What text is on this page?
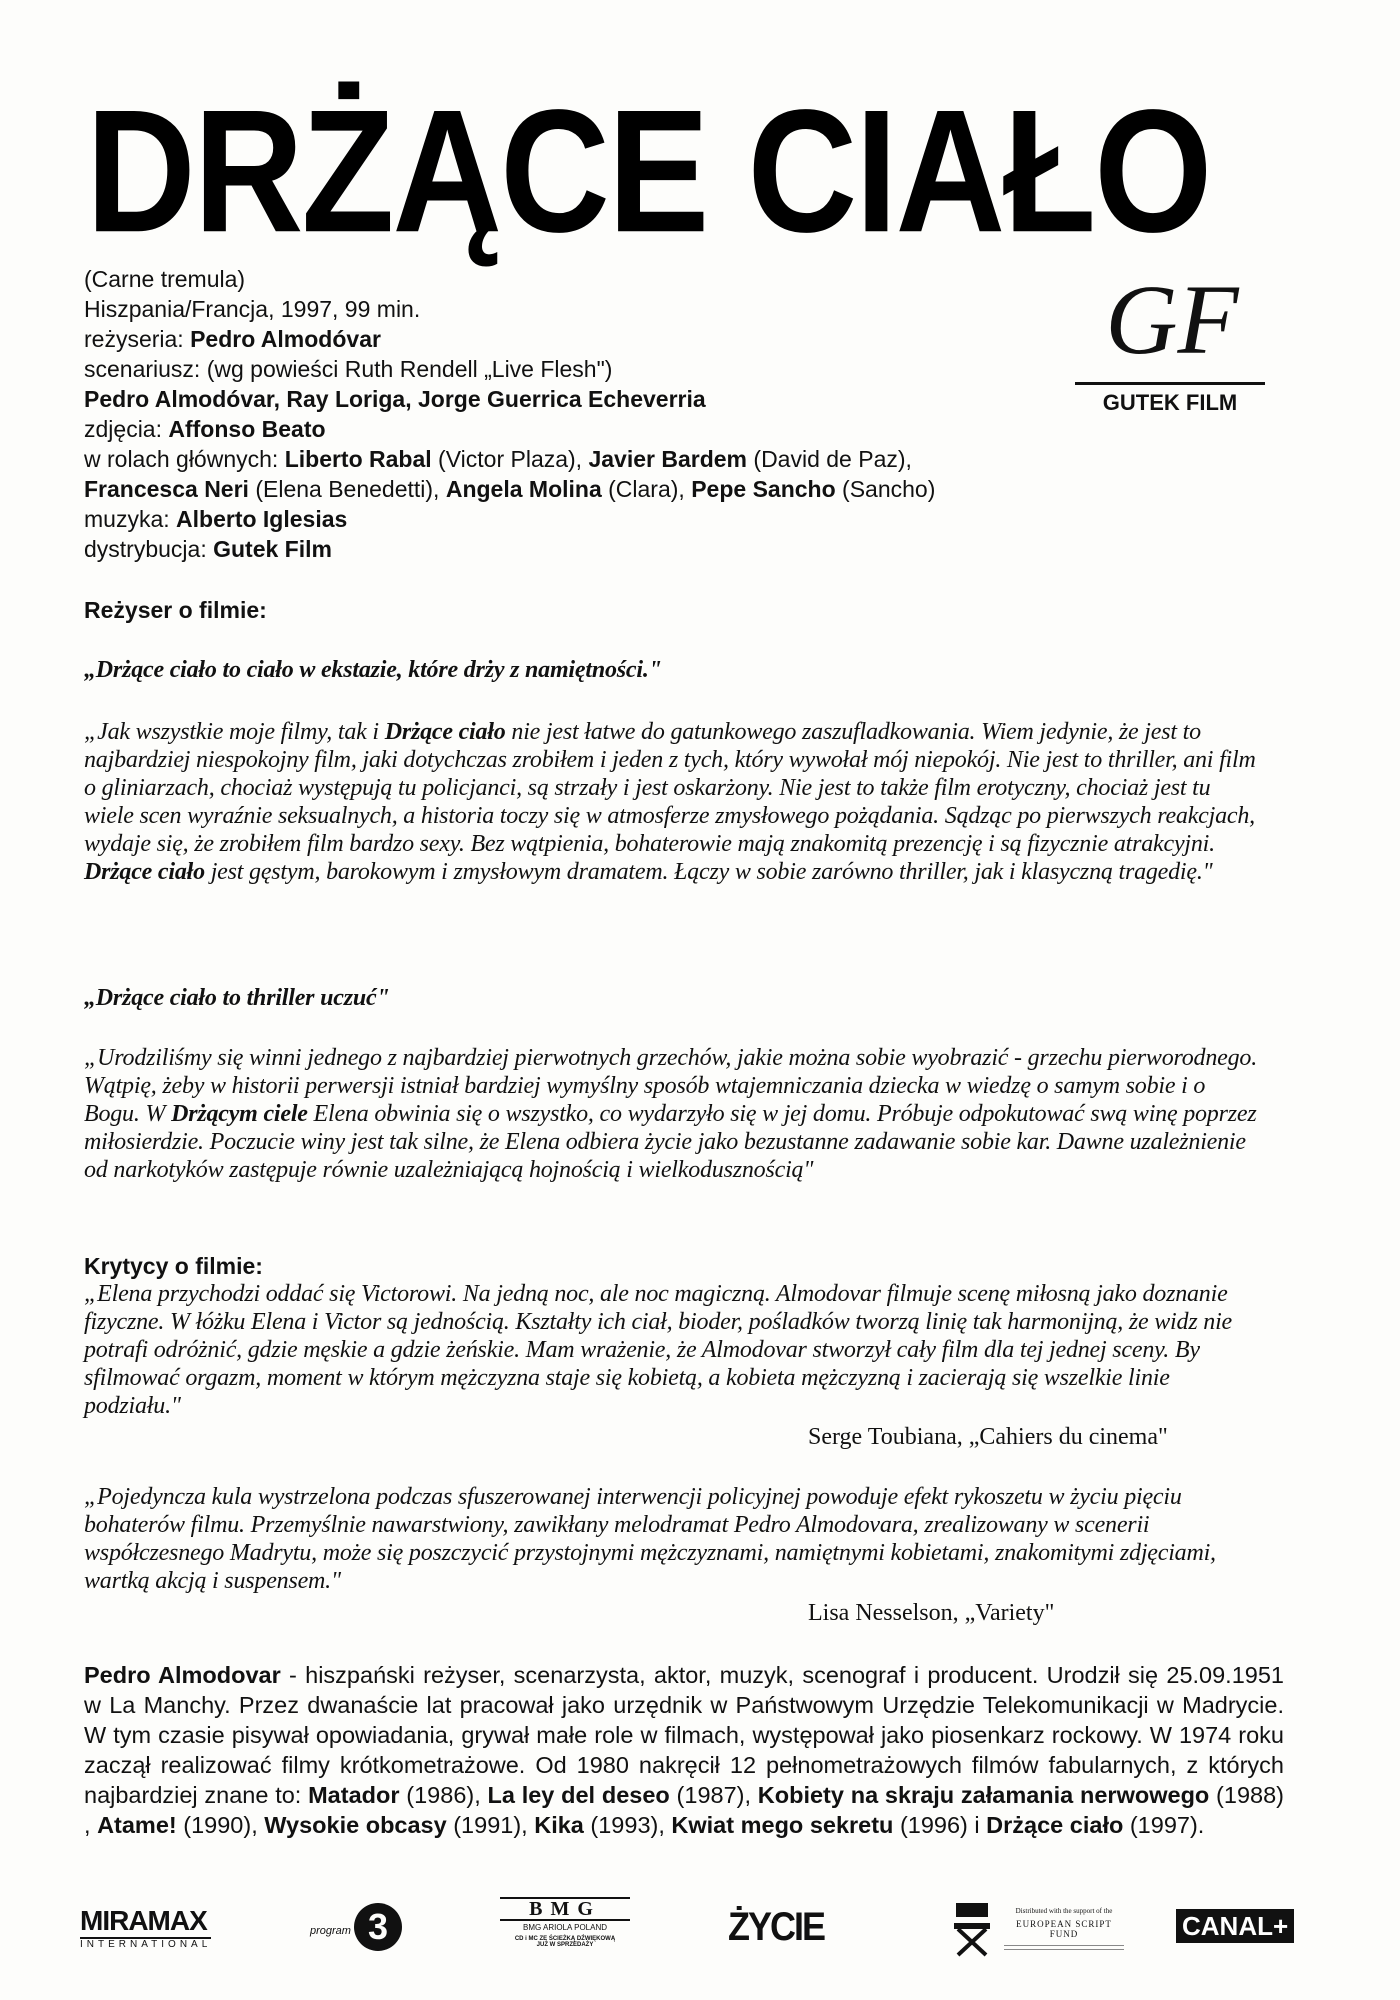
DRŻĄCE CIAŁO
(Carne tremula)
Hiszpania/Francja, 1997, 99 min.
reżyseria: Pedro Almodóvar
scenariusz: (wg powieści Ruth Rendell „Live Flesh")
Pedro Almodóvar, Ray Loriga, Jorge Guerrica Echeverria
zdjęcia: Affonso Beato
w rolach głównych: Liberto Rabal (Victor Plaza), Javier Bardem (David de Paz),
Francesca Neri (Elena Benedetti), Angela Molina (Clara), Pepe Sancho (Sancho)
muzyka: Alberto Iglesias
dystrybucja: Gutek Film
GF
GUTEK FILM
Reżyser o filmie:
„Drżące ciało to ciało w ekstazie, które drży z namiętności."
„Jak wszystkie moje filmy, tak i Drżące ciało nie jest łatwe do gatunkowego zaszufladkowania. Wiem jedynie, że jest to najbardziej niespokojny film, jaki dotychczas zrobiłem i jeden z tych, który wywołał mój niepokój. Nie jest to thriller, ani film o gliniarzach, chociaż występują tu policjanci, są strzały i jest oskarżony. Nie jest to także film erotyczny, chociaż jest tu wiele scen wyraźnie seksualnych, a historia toczy się w atmosferze zmysłowego pożądania. Sądząc po pierwszych reakcjach, wydaje się, że zrobiłem film bardzo sexy. Bez wątpienia, bohaterowie mają znakomitą prezencję i są fizycznie atrakcyjni. Drżące ciało jest gęstym, barokowym i zmysłowym dramatem. Łączy w sobie zarówno thriller, jak i klasyczną tragedię."
„Drżące ciało to thriller uczuć"
„Urodziliśmy się winni jednego z najbardziej pierwotnych grzechów, jakie można sobie wyobrazić - grzechu pierworodnego. Wątpię, żeby w historii perwersji istniał bardziej wymyślny sposób wtajemniczania dziecka w wiedzę o samym sobie i o Bogu. W Drżącym ciele Elena obwinia się o wszystko, co wydarzyło się w jej domu. Próbuje odpokutować swą winę poprzez miłosierdzie. Poczucie winy jest tak silne, że Elena odbiera życie jako bezustanne zadawanie sobie kar. Dawne uzależnienie od narkotyków zastępuje równie uzależniającą hojnością i wielkodusznością"
Krytycy o filmie:
„Elena przychodzi oddać się Victorowi. Na jedną noc, ale noc magiczną. Almodovar filmuje scenę miłosną jako doznanie fizyczne. W łóżku Elena i Victor są jednością. Kształty ich ciał, bioder, pośladków tworzą linię tak harmonijną, że widz nie potrafi odróżnić, gdzie męskie a gdzie żeńskie. Mam wrażenie, że Almodovar stworzył cały film dla tej jednej sceny. By sfilmować orgazm, moment w którym mężczyzna staje się kobietą, a kobieta mężczyzną i zacierają się wszelkie linie podziału."
Serge Toubiana, „Cahiers du cinema"
„Pojedyncza kula wystrzelona podczas sfuszerowanej interwencji policyjnej powoduje efekt rykoszetu w życiu pięciu bohaterów filmu. Przemyślnie nawarstwiony, zawikłany melodramat Pedro Almodovara, zrealizowany w scenerii współczesnego Madrytu, może się poszczycić przystojnymi mężczyznami, namiętnymi kobietami, znakomitymi zdjęciami, wartką akcją i suspensem."
Lisa Nesselson, „Variety"
Pedro Almodovar - hiszpański reżyser, scenarzysta, aktor, muzyk, scenograf i producent. Urodził się 25.09.1951 w La Manchy. Przez dwanaście lat pracował jako urzędnik w Państwowym Urzędzie Telekomunikacji w Madrycie. W tym czasie pisywał opowiadania, grywał małe role w filmach, występował jako piosenkarz rockowy. W 1974 roku zaczął realizować filmy krótkometrażowe. Od 1980 nakręcił 12 pełnometrażowych filmów fabularnych, z których najbardziej znane to: Matador (1986), La ley del deseo (1987), Kobiety na skraju załamania nerwowego (1988) , Atame! (1990), Wysokie obcasy (1991), Kika (1993), Kwiat mego sekretu (1996) i Drżące ciało (1997).
MIRAMAX
INTERNATIONAL
program 3	BMG
BMG ARIOLA POLAND
CD i MC ZE ŚCIEŻKĄ DŹWIĘKOWĄ
JUŻ W SPRZEDAŻY	ŻYCIE	Distributed with the support of the
EUROPEAN SCRIPT FUND	CANAL+
